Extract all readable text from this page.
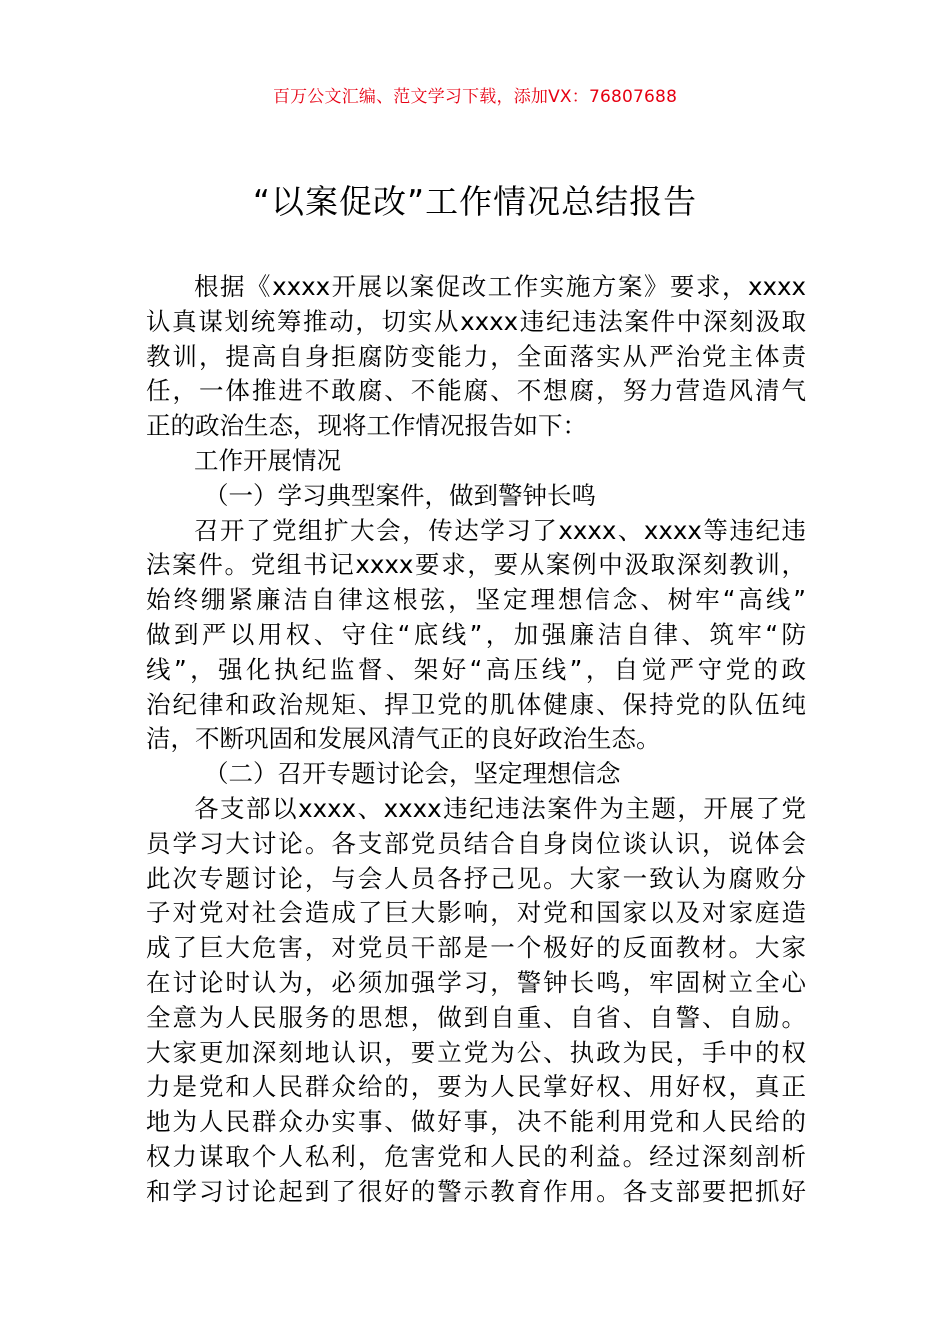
百万公文汇编、范文学习下载，添加VX：76807688
“以案促改”工作情况总结报告
根据《xxxx开展以案促改工作实施方案》要求，xxxx
认真谋划统筹推动，切实从xxxx违纪违法案件中深刻汲取
教训，提高自身拒腐防变能力，全面落实从严治党主体责
任，一体推进不敢腐、不能腐、不想腐，努力营造风清气
正的政治生态，现将工作情况报告如下：
工作开展情况
（一）学习典型案件，做到警钟长鸣
召开了党组扩大会，传达学习了xxxx、xxxx等违纪违
法案件。党组书记xxxx要求，要从案例中汲取深刻教训，
始终绷紧廉洁自律这根弦，坚定理想信念、树牢“高线”
做到严以用权、守住“底线”，加强廉洁自律、筑牢“防
线”，强化执纪监督、架好“高压线”，自觉严守党的政
治纪律和政治规矩、捍卫党的肌体健康、保持党的队伍纯
洁，不断巩固和发展风清气正的良好政治生态。
（二）召开专题讨论会，坚定理想信念
各支部以xxxx、xxxx违纪违法案件为主题，开展了党
员学习大讨论。各支部党员结合自身岗位谈认识，说体会
此次专题讨论，与会人员各抒己见。大家一致认为腐败分
子对党对社会造成了巨大影响，对党和国家以及对家庭造
成了巨大危害，对党员干部是一个极好的反面教材。大家
在讨论时认为，必须加强学习，警钟长鸣，牢固树立全心
全意为人民服务的思想，做到自重、自省、自警、自励。
大家更加深刻地认识，要立党为公、执政为民，手中的权
力是党和人民群众给的，要为人民掌好权、用好权，真正
地为人民群众办实事、做好事，决不能利用党和人民给的
权力谋取个人私利，危害党和人民的利益。经过深刻剖析
和学习讨论起到了很好的警示教育作用。各支部要把抓好
